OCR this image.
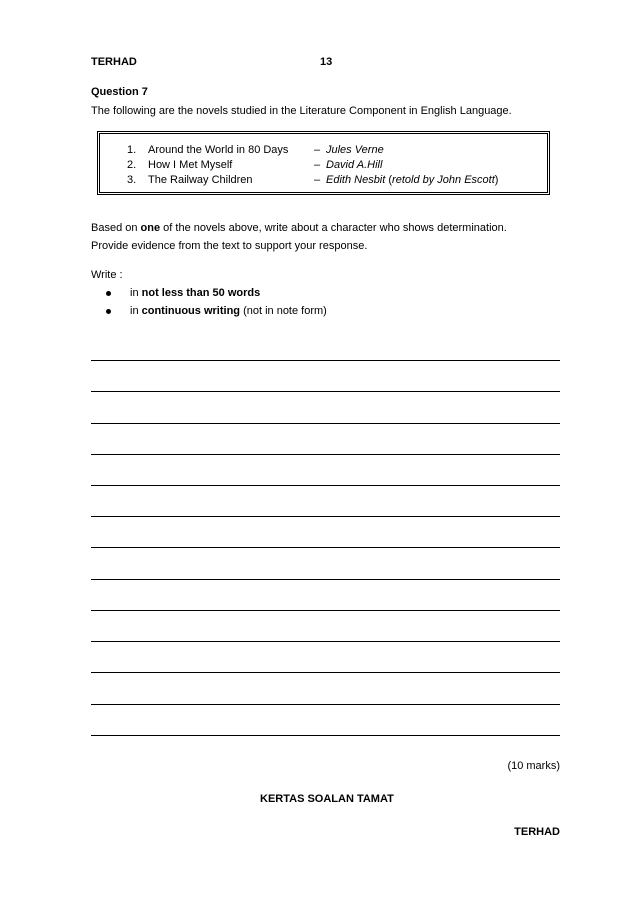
TERHAD	13
Question 7
The following are the novels studied in the Literature Component in English Language.
1. Around the World in 80 Days – Jules Verne
2. How I Met Myself	– David A.Hill
3. The Railway Children	– Edith Nesbit (retold by John Escott)
Based on one of the novels above, write about a character who shows determination.
Provide evidence from the text to support your response.
Write :
in not less than 50 words
in continuous writing (not in note form)
(10 marks)
KERTAS SOALAN TAMAT
TERHAD
